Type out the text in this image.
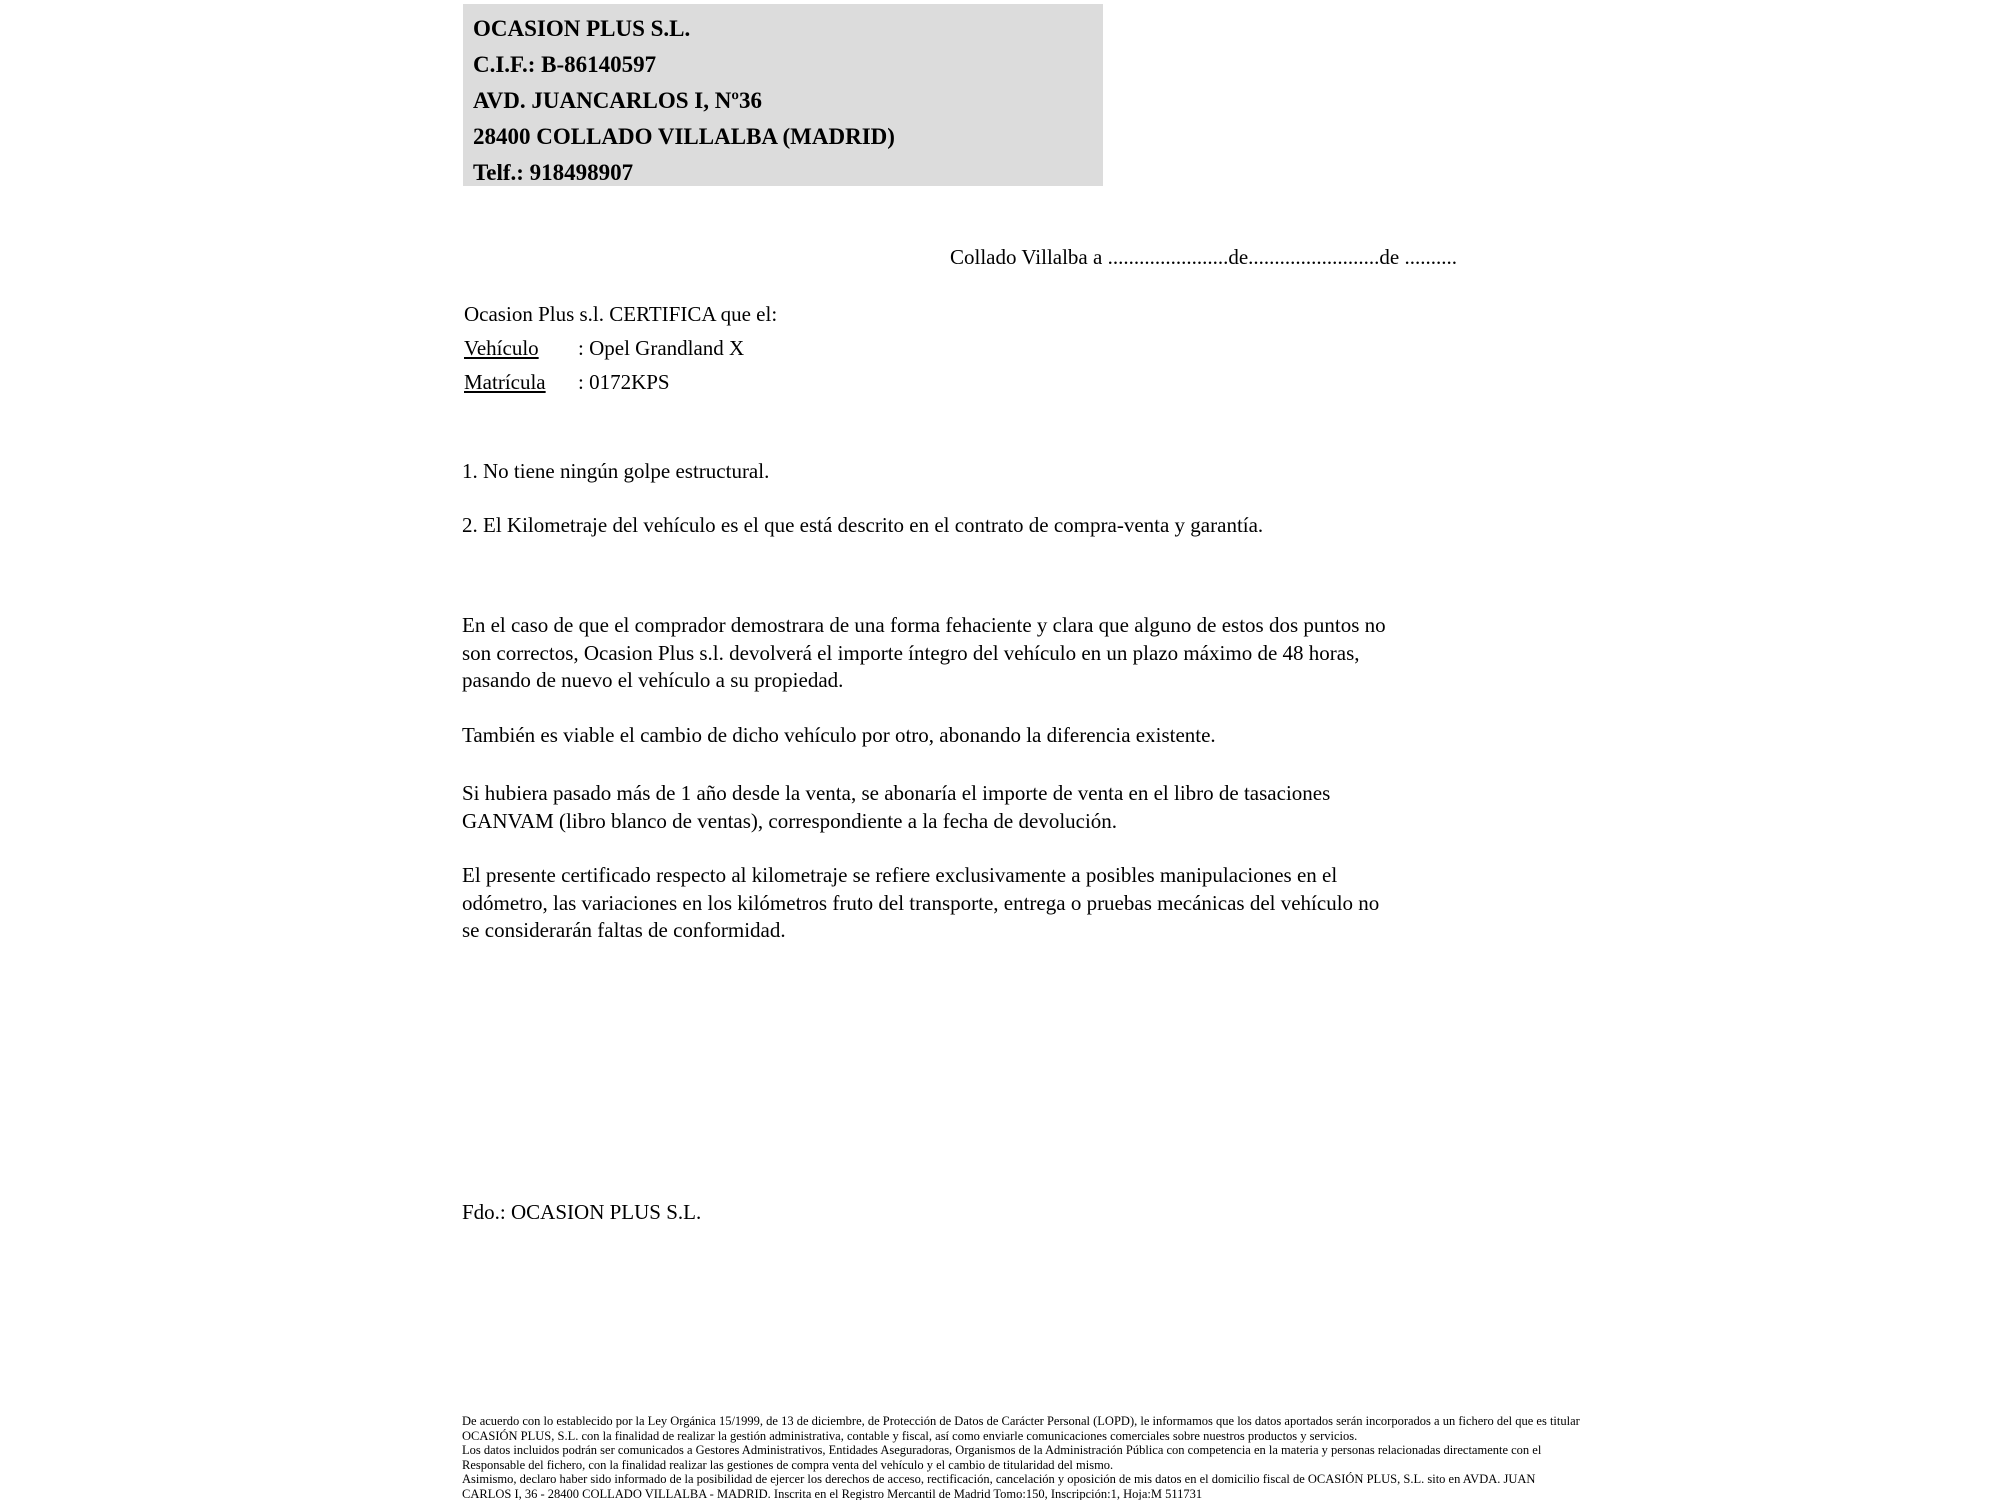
OCASION PLUS S.L.
C.I.F.: B-86140597
AVD. JUANCARLOS I, Nº36
28400 COLLADO VILLALBA (MADRID)
Telf.: 918498907
Collado Villalba a .......................de.........................de ..........
Ocasion Plus s.l. CERTIFICA que el:
Vehículo	: Opel Grandland X
Matrícula	: 0172KPS
1. No tiene ningún golpe estructural.
2. El Kilometraje del vehículo es el que está descrito en el contrato de compra-venta y garantía.
En el caso de que el comprador demostrara de una forma fehaciente y clara que alguno de estos dos puntos no
son correctos, Ocasion Plus s.l. devolverá el importe íntegro del vehículo en un plazo máximo de 48 horas,
pasando de nuevo el vehículo a su propiedad.
También es viable el cambio de dicho vehículo por otro, abonando la diferencia existente.
Si hubiera pasado más de 1 año desde la venta, se abonaría el importe de venta en el libro de tasaciones
GANVAM (libro blanco de ventas), correspondiente a la fecha de devolución.
El presente certificado respecto al kilometraje se refiere exclusivamente a posibles manipulaciones en el
odómetro, las variaciones en los kilómetros fruto del transporte, entrega o pruebas mecánicas del vehículo no
se considerarán faltas de conformidad.
Fdo.: OCASION PLUS S.L.
De acuerdo con lo establecido por la Ley Orgánica 15/1999, de 13 de diciembre, de Protección de Datos de Carácter Personal (LOPD), le informamos que los datos aportados serán incorporados a un fichero del que es titular
OCASIÓN PLUS, S.L. con la finalidad de realizar la gestión administrativa, contable y fiscal, así como enviarle comunicaciones comerciales sobre nuestros productos y servicios.
Los datos incluidos podrán ser comunicados a Gestores Administrativos, Entidades Aseguradoras, Organismos de la Administración Pública con competencia en la materia y personas relacionadas directamente con el
Responsable del fichero, con la finalidad realizar las gestiones de compra venta del vehículo y el cambio de titularidad del mismo.
Asimismo, declaro haber sido informado de la posibilidad de ejercer los derechos de acceso, rectificación, cancelación y oposición de mis datos en el domicilio fiscal de OCASIÓN PLUS, S.L. sito en AVDA. JUAN
CARLOS I, 36 - 28400 COLLADO VILLALBA - MADRID. Inscrita en el Registro Mercantil de Madrid Tomo:150, Inscripción:1, Hoja:M 511731
